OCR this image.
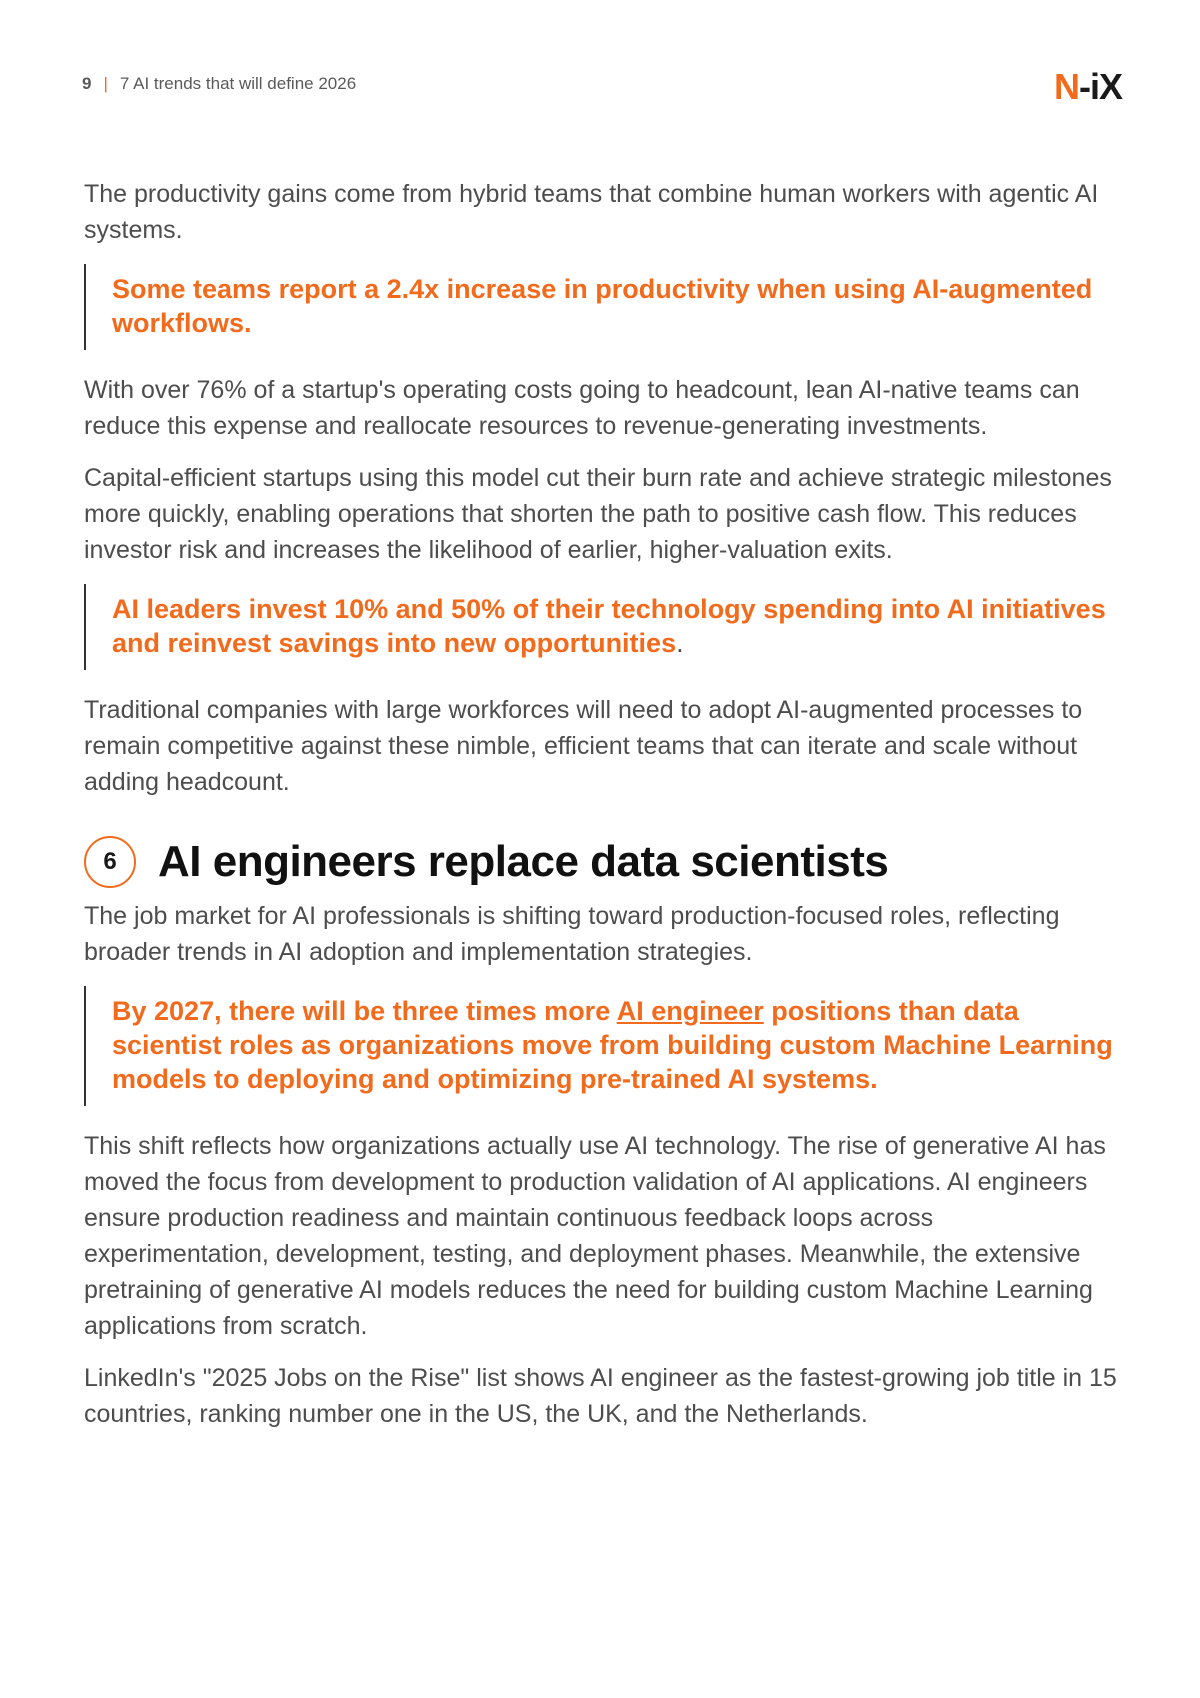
9 | 7 AI trends that will define 2026	N-iX

The productivity gains come from hybrid teams that combine human workers with agentic AI systems.

Some teams report a 2.4x increase in productivity when using AI-augmented workflows.

With over 76% of a startup's operating costs going to headcount, lean AI-native teams can reduce this expense and reallocate resources to revenue-generating investments.

Capital-efficient startups using this model cut their burn rate and achieve strategic milestones more quickly, enabling operations that shorten the path to positive cash flow. This reduces investor risk and increases the likelihood of earlier, higher-valuation exits.

AI leaders invest 10% and 50% of their technology spending into AI initiatives and reinvest savings into new opportunities.

Traditional companies with large workforces will need to adopt AI-augmented processes to remain competitive against these nimble, efficient teams that can iterate and scale without adding headcount.

6 AI engineers replace data scientists

The job market for AI professionals is shifting toward production-focused roles, reflecting broader trends in AI adoption and implementation strategies.

By 2027, there will be three times more AI engineer positions than data scientist roles as organizations move from building custom Machine Learning models to deploying and optimizing pre-trained AI systems.

This shift reflects how organizations actually use AI technology. The rise of generative AI has moved the focus from development to production validation of AI applications. AI engineers ensure production readiness and maintain continuous feedback loops across experimentation, development, testing, and deployment phases. Meanwhile, the extensive pretraining of generative AI models reduces the need for building custom Machine Learning applications from scratch.

LinkedIn's "2025 Jobs on the Rise" list shows AI engineer as the fastest-growing job title in 15 countries, ranking number one in the US, the UK, and the Netherlands.
